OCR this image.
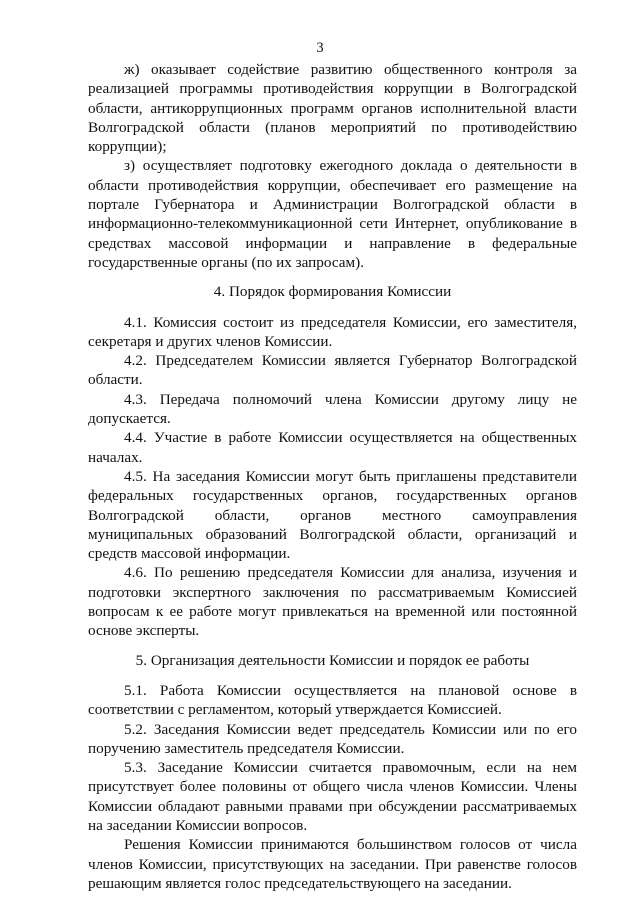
3

ж) оказывает содействие развитию общественного контроля за реализацией программы противодействия коррупции в Волгоградской области, антикоррупционных программ органов исполнительной власти Волгоградской области (планов мероприятий по противодействию коррупции);

з) осуществляет подготовку ежегодного доклада о деятельности в области противодействия коррупции, обеспечивает его размещение на портале Губернатора и Администрации Волгоградской области в информационно-телекоммуникационной сети Интернет, опубликование в средствах массовой информации и направление в федеральные государственные органы (по их запросам).

4. Порядок формирования Комиссии

4.1. Комиссия состоит из председателя Комиссии, его заместителя, секретаря и других членов Комиссии.

4.2. Председателем Комиссии является Губернатор Волгоградской области.

4.3. Передача полномочий члена Комиссии другому лицу не допускается.

4.4. Участие в работе Комиссии осуществляется на общественных началах.

4.5. На заседания Комиссии могут быть приглашены представители федеральных государственных органов, государственных органов Волгоградской области, органов местного самоуправления муниципальных образований Волгоградской области, организаций и средств массовой информации.

4.6. По решению председателя Комиссии для анализа, изучения и подготовки экспертного заключения по рассматриваемым Комиссией вопросам к ее работе могут привлекаться на временной или постоянной основе эксперты.

5. Организация деятельности Комиссии и порядок ее работы

5.1. Работа Комиссии осуществляется на плановой основе в соответствии с регламентом, который утверждается Комиссией.

5.2. Заседания Комиссии ведет председатель Комиссии или по его поручению заместитель председателя Комиссии.

5.3. Заседание Комиссии считается правомочным, если на нем присутствует более половины от общего числа членов Комиссии. Члены Комиссии обладают равными правами при обсуждении рассматриваемых на заседании Комиссии вопросов.

Решения Комиссии принимаются большинством голосов от числа членов Комиссии, присутствующих на заседании. При равенстве голосов решающим является голос председательствующего на заседании.
